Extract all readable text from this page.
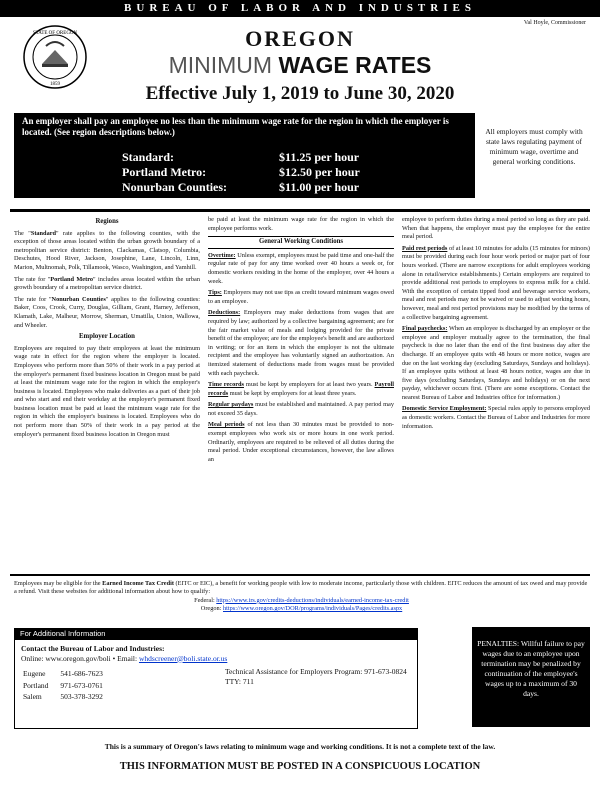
BUREAU OF LABOR AND INDUSTRIES
Val Hoyle, Commissioner
STATE OF OREGON
1859
OREGON
MINIMUM WAGE RATES
Effective July 1, 2019 to June 30, 2020
An employer shall pay an employee no less than the minimum wage rate for the region in which the employer is located. (See region descriptions below.)
Standard:	$11.25 per hour
Portland Metro:	$12.50 per hour
Nonurban Counties:	$11.00 per hour
All employers must comply with state laws regulating payment of minimum wage, overtime and general working conditions.
Regions

The "Standard" rate applies to the following counties, with the exception of those areas located within the urban growth boundary of a metropolitan service district: Benton, Clackamas, Clatsop, Columbia, Deschutes, Hood River, Jackson, Josephine, Lane, Lincoln, Linn, Marion, Multnomah, Polk, Tillamook, Wasco, Washington, and Yamhill.

The rate for "Portland Metro" includes areas located within the urban growth boundary of a metropolitan service district.

The rate for "Nonurban Counties" applies to the following counties: Baker, Coos, Crook, Curry, Douglas, Gilliam, Grant, Harney, Jefferson, Klamath, Lake, Malheur, Morrow, Sherman, Umatilla, Union, Wallowa, and Wheeler.

Employer Location

Employees are required to pay their employees at least the minimum wage rate in effect for the region where the employer is located. Employees who perform more than 50% of their work in a pay period at the employer's permanent fixed business location in Oregon must be paid at least the minimum wage rate for the region in which the employer's business is located. Employees who make deliveries as a part of their job and who start and end their workday at the employer's permanent fixed business location must be paid at least the minimum wage rate for the region in which the employer's business is located. Employees who do not perform more than 50% of their work in a pay period at the employer's permanent fixed business location in Oregon must

be paid at least the minimum wage rate for the region in which the employee performs work.

General Working Conditions

Overtime: Unless exempt, employees must be paid time and one-half the regular rate of pay for any time worked over 40 hours a week or, for domestic workers residing in the home of the employer, over 44 hours a week.

Tips: Employers may not use tips as credit toward minimum wages owed to an employee.

Deductions: Employers may make deductions from wages that are required by law; authorized by a collective bargaining agreement; are for the fair market value of meals and lodging provided for the private benefit of the employee; are for the employee's benefit and are authorized in writing; or for an item in which the employer is not the ultimate recipient and the employee has voluntarily signed an authorization. An itemized statement of deductions made from wages must be provided with each paycheck.

Time records must be kept by employers for at least two years. Payroll records must be kept by employers for at least three years.

Regular paydays must be established and maintained. A pay period may not exceed 35 days.

Meal periods of not less than 30 minutes must be provided to non-exempt employees who work six or more hours in one work period. Ordinarily, employees are required to be relieved of all duties during the meal period. Under exceptional circumstances, however, the law allows an

employee to perform duties during a meal period so long as they are paid. When that happens, the employer must pay the employee for the entire meal period.

Paid rest periods of at least 10 minutes for adults (15 minutes for minors) must be provided during each four hour work period or major part of four hours worked. (There are narrow exceptions for adult employees working alone in retail/service establishments.) Certain employers are required to provide additional rest periods to employees to express milk for a child. With the exception of certain tipped food and beverage service workers, meal and rest periods may not be waived or used to adjust working hours, however, meal and rest period provisions may be modified by the terms of a collective bargaining agreement.

Final paychecks: When an employee is discharged by an employer or the employee and employer mutually agree to the termination, the final paycheck is due no later than the end of the first business day after the discharge. If an employee quits with 48 hours or more notice, wages are due on the last working day (excluding Saturdays, Sundays and holidays). If an employee quits without at least 48 hours notice, wages are due in five days (excluding Saturdays, Sundays and holidays) or on the next payday, whichever occurs first. (There are some exceptions. Contact the nearest Bureau of Labor and Industries office for information.)

Domestic Service Employment: Special rules apply to persons employed as domestic workers. Contact the Bureau of Labor and Industries for more information.

Employees may be eligible for the Earned Income Tax Credit (EITC or EIC), a benefit for working people with low to moderate income, particularly those with children. EITC reduces the amount of tax owed and may provide a refund. Visit these websites for additional information about how to qualify:

Federal: https://www.irs.gov/credits-deductions/individuals/earned-income-tax-credit

Oregon: https://www.oregon.gov/DOR/programs/individuals/Pages/credits.aspx

For Additional Information
Contact the Bureau of Labor and Industries:
Online: www.oregon.gov/boli • Email: whdscreener@boli.state.or.us
Eugene	541-686-7623
Portland	971-673-0761
Salem	503-378-3292
Technical Assistance for Employers Program: 971-673-0824
TTY: 711
PENALTIES: Willful failure to pay wages due to an employee upon termination may be penalized by continuation of the employee's wages up to a maximum of 30 days.
This is a summary of Oregon's laws relating to minimum wage and working conditions. It is not a complete text of the law.
THIS INFORMATION MUST BE POSTED IN A CONSPICUOUS LOCATION
